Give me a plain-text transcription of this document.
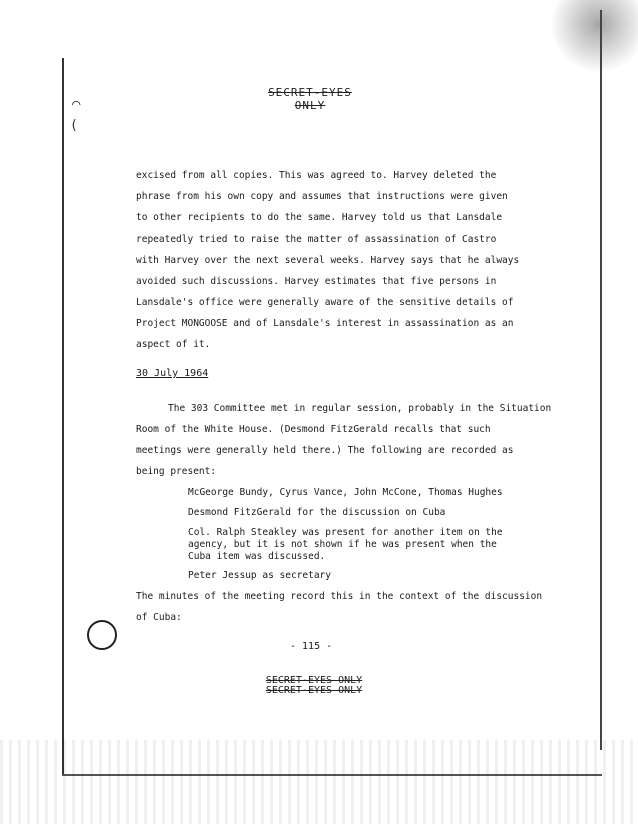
⌒
(
SECRET-EYES ONLY
excised from all copies. This was agreed to. Harvey deleted the
phrase from his own copy and assumes that instructions were given
to other recipients to do the same. Harvey told us that Lansdale
repeatedly tried to raise the matter of assassination of Castro
with Harvey over the next several weeks. Harvey says that he always
avoided such discussions. Harvey estimates that five persons in
Lansdale's office were generally aware of the sensitive details of
Project MONGOOSE and of Lansdale's interest in assassination as an
aspect of it.
30 July 1964
The 303 Committee met in regular session, probably in the Situation
Room of the White House. (Desmond FitzGerald recalls that such
meetings were generally held there.) The following are recorded as
being present:
McGeorge Bundy, Cyrus Vance, John McCone, Thomas Hughes
Desmond FitzGerald for the discussion on Cuba
Col. Ralph Steakley was present for another item on the
agency, but it is not shown if he was present when the
Cuba item was discussed.
Peter Jessup as secretary
The minutes of the meeting record this in the context of the discussion
of Cuba:
- 115 -
SECRET-EYES ONLY
SECRET-EYES ONLY
